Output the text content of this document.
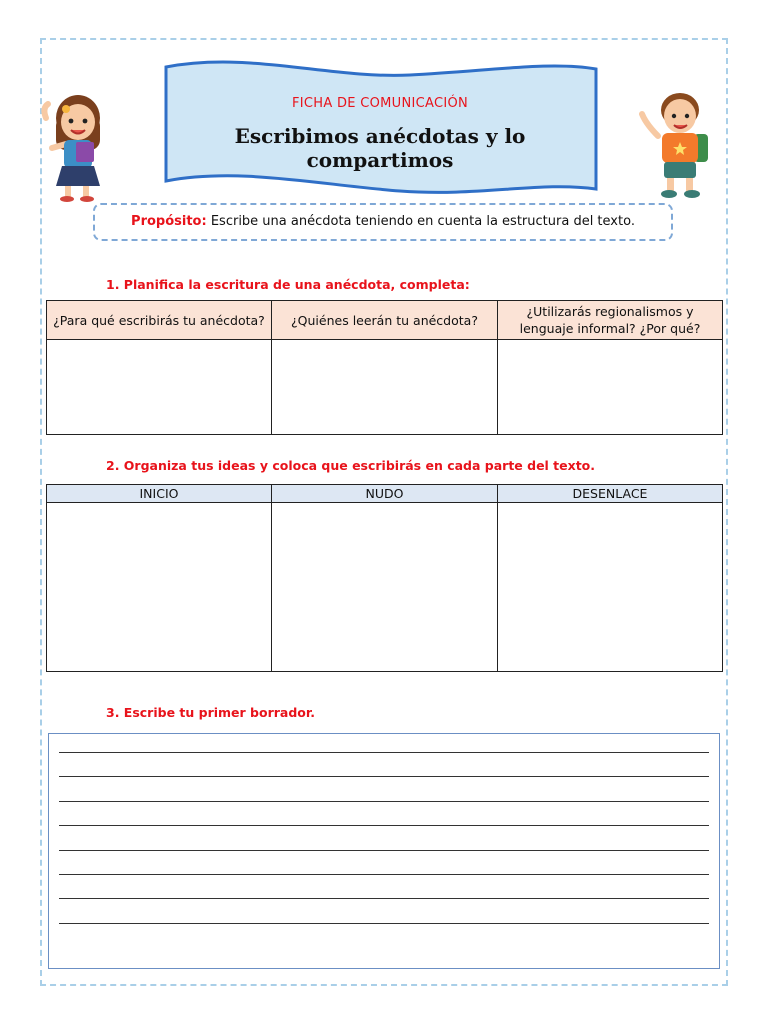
FICHA DE COMUNICACIÓN
Escribimos anécdotas y lo compartimos
Propósito: Escribe una anécdota teniendo en cuenta la estructura del texto.
1. Planifica la escritura de una anécdota, completa:
¿Para qué escribirás tu anécdota?	¿Quiénes leerán tu anécdota?	¿Utilizarás regionalismos y lenguaje informal? ¿Por qué?

2. Organiza tus ideas y coloca que escribirás en cada parte del texto.
INICIO	NUDO	DESENLACE

3. Escribe tu primer borrador.
